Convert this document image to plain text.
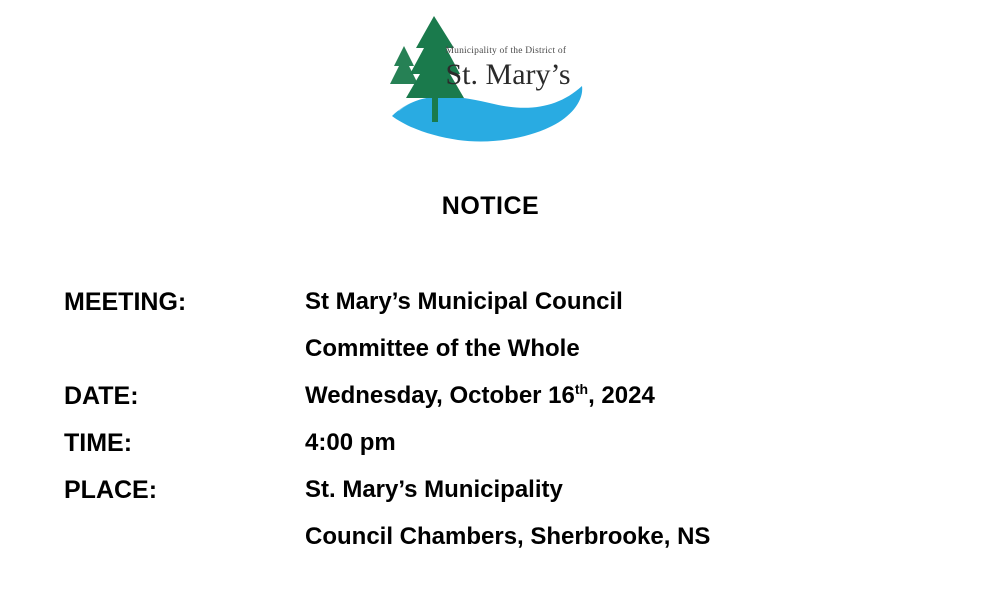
Municipality of the District of
St. Mary’s
NOTICE
MEETING:	St Mary’s Municipal Council
Committee of the Whole
DATE:	Wednesday, October 16th, 2024
TIME:	4:00 pm
PLACE:	St. Mary’s Municipality
Council Chambers, Sherbrooke, NS
